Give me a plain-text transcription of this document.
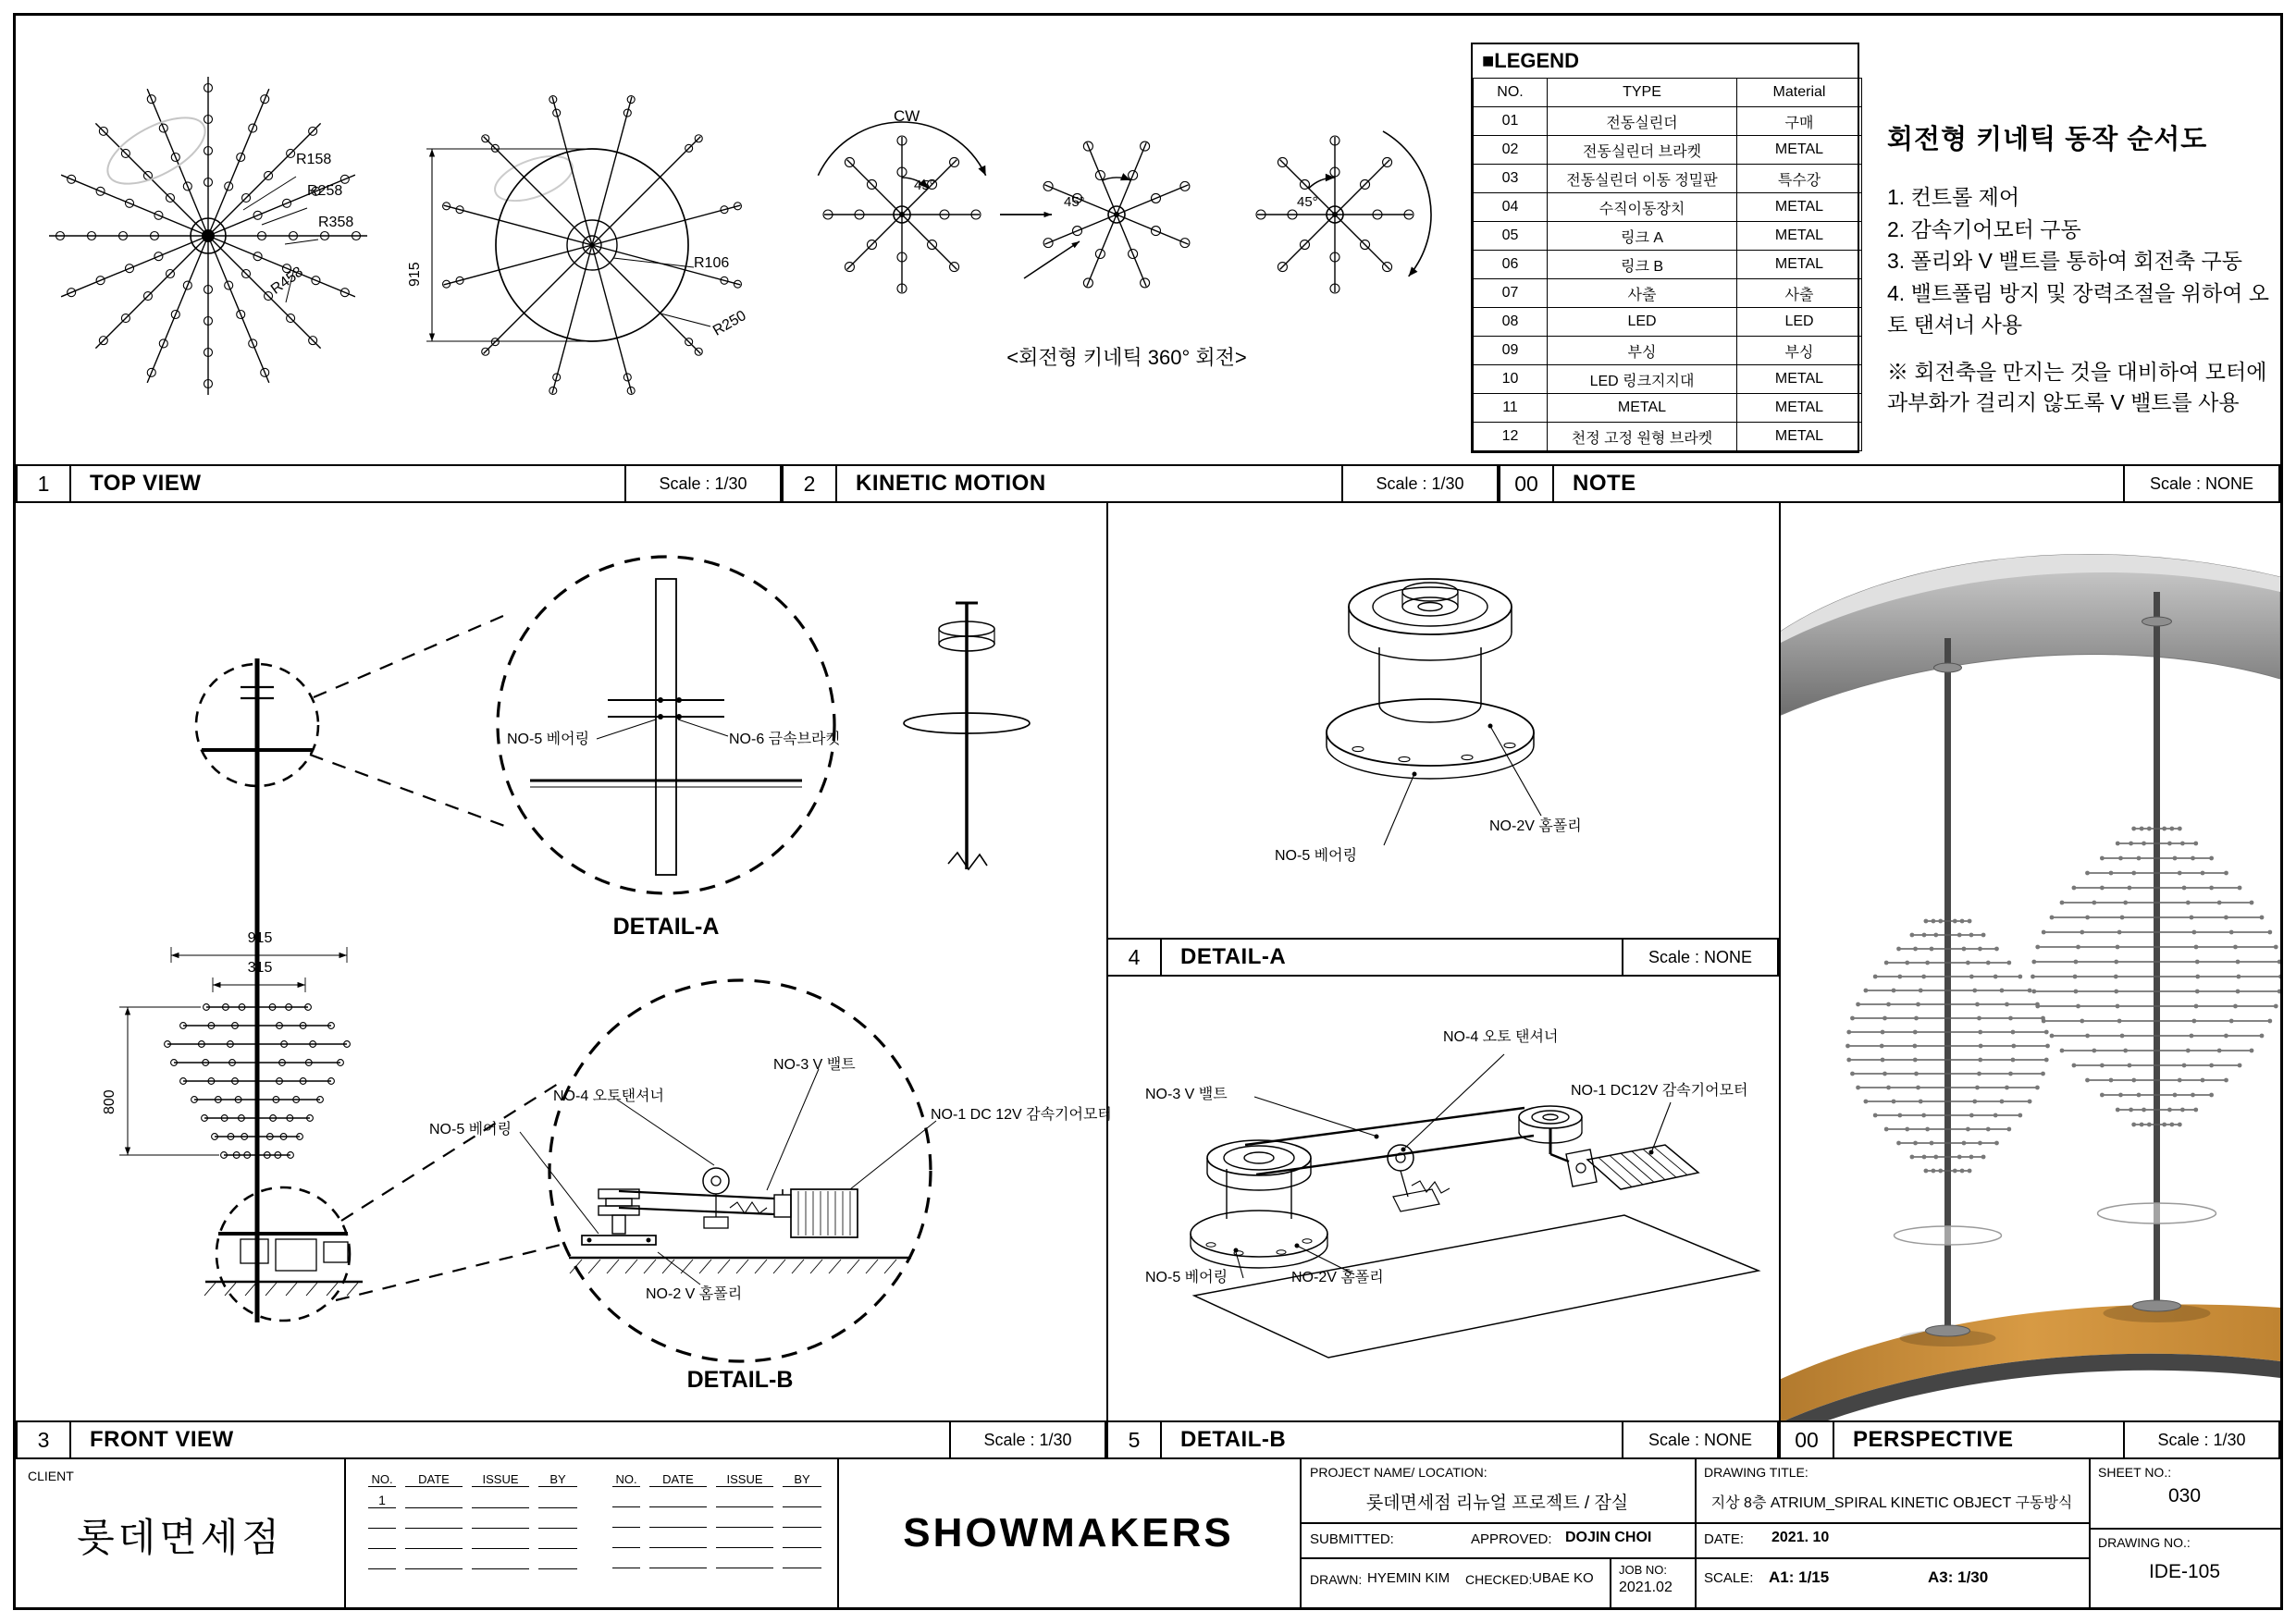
1	TOP VIEW	Scale : 1/30	2	KINETIC MOTION	Scale : 1/30	00	NOTE	Scale : NONE
4	DETAIL-A	Scale : NONE
3	FRONT VIEW	Scale : 1/30	5	DETAIL-B	Scale : NONE	00	PERSPECTIVE	Scale : 1/30
R158
R258
R358
R458	915	R106
R250
CW
45°
45°	45°
<회전형 키네틱 360° 회전>
■LEGEND
NO.	TYPE	Material
01	전동실린더	구매
02	전동실린더 브라켓	METAL
03	전동실린더 이동 정밀판	특수강
04	수직이동장치	METAL
05	링크 A	METAL
06	링크 B	METAL
07	사출	사출
08	LED	LED
09	부싱	부싱
10	LED 링크지지대	METAL
11	METAL	METAL
12	천정 고정 원형 브라켓	METAL
회전형 키네틱 동작 순서도
1. 컨트롤 제어
2. 감속기어모터 구동
3. 폴리와 V 밸트를 통하여 회전축 구동
4. 밸트풀림 방지 및 장력조절을 위하여 오토 탠셔너 사용
※ 회전축을 만지는 것을 대비하여 모터에 과부화가 걸리지 않도록 V 밸트를 사용
915
315
800
NO-5 베어링	NO-6 금속브라켓
DETAIL-A
NO-4 오토탠셔너
NO-3 V 밸트
NO-5 베어링
NO-1 DC 12V 감속기어모터
NO-2 V 홈폴리
DETAIL-B
NO-5 베어링
NO-2V 홈폴리
NO-4 오토 탠셔너
NO-3 V 밸트	NO-1 DC12V 감속기어모터
NO-5 베어링	NO-2V 홈폴리
CLIENT
롯데면세점
NO.	DATE	ISSUE	BY
1			

NO.	DATE	ISSUE	BY

SHOWMAKERS
PROJECT NAME/ LOCATION:
롯데면세점 리뉴얼 프로젝트 / 잠실
SUBMITTED:	APPROVED: DOJIN CHOI
DRAWN: HYEMIN KIM CHECKED: UBAE KO
JOB NO:
2021.02
DRAWING TITLE:
지상 8층 ATRIUM_SPIRAL KINETIC OBJECT 구동방식
DATE: 2021. 10
SCALE: A1: 1/15	A3: 1/30
SHEET NO.:
030
DRAWING NO.:
IDE-105
